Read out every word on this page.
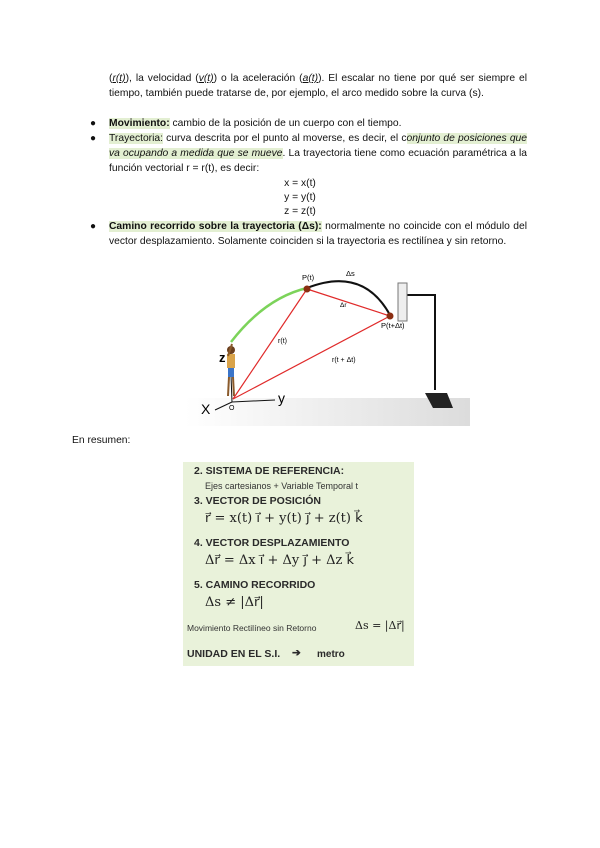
(r(t)), la velocidad (v(t)) o la aceleración (a(t)). El escalar no tiene por qué ser siempre el tiempo, también puede tratarse de, por ejemplo, el arco medido sobre la curva (s).
● Movimiento: cambio de la posición de un cuerpo con el tiempo.
● Trayectoria: curva descrita por el punto al moverse, es decir, el conjunto de posiciones que va ocupando a medida que se mueve. La trayectoria tiene como ecuación paramétrica a la función vectorial r = r(t), es decir:
x = x(t)
y = y(t)
z = z(t)
● Camino recorrido sobre la trayectoria (Δs): normalmente no coincide con el módulo del vector desplazamiento. Solamente coinciden si la trayectoria es rectilínea y sin retorno.
X
y
z
O
P(t)
P(t+Δt)
Δs
Δr
r(t)
r(t + Δt)
En resumen:
2. SISTEMA DE REFERENCIA:
Ejes cartesianos + Variable Temporal t
3. VECTOR DE POSICIÓN
r⃗ = x(t) i⃗ + y(t) j⃗ + z(t) k⃗
4. VECTOR DESPLAZAMIENTO
Δr⃗ = Δx i⃗ + Δy j⃗ + Δz k⃗
5. CAMINO RECORRIDO
Δs ≠ |Δr⃗|
Movimiento Rectilíneo sin Retorno	Δs = |Δr⃗|
UNIDAD EN EL S.I. ➔ metro
